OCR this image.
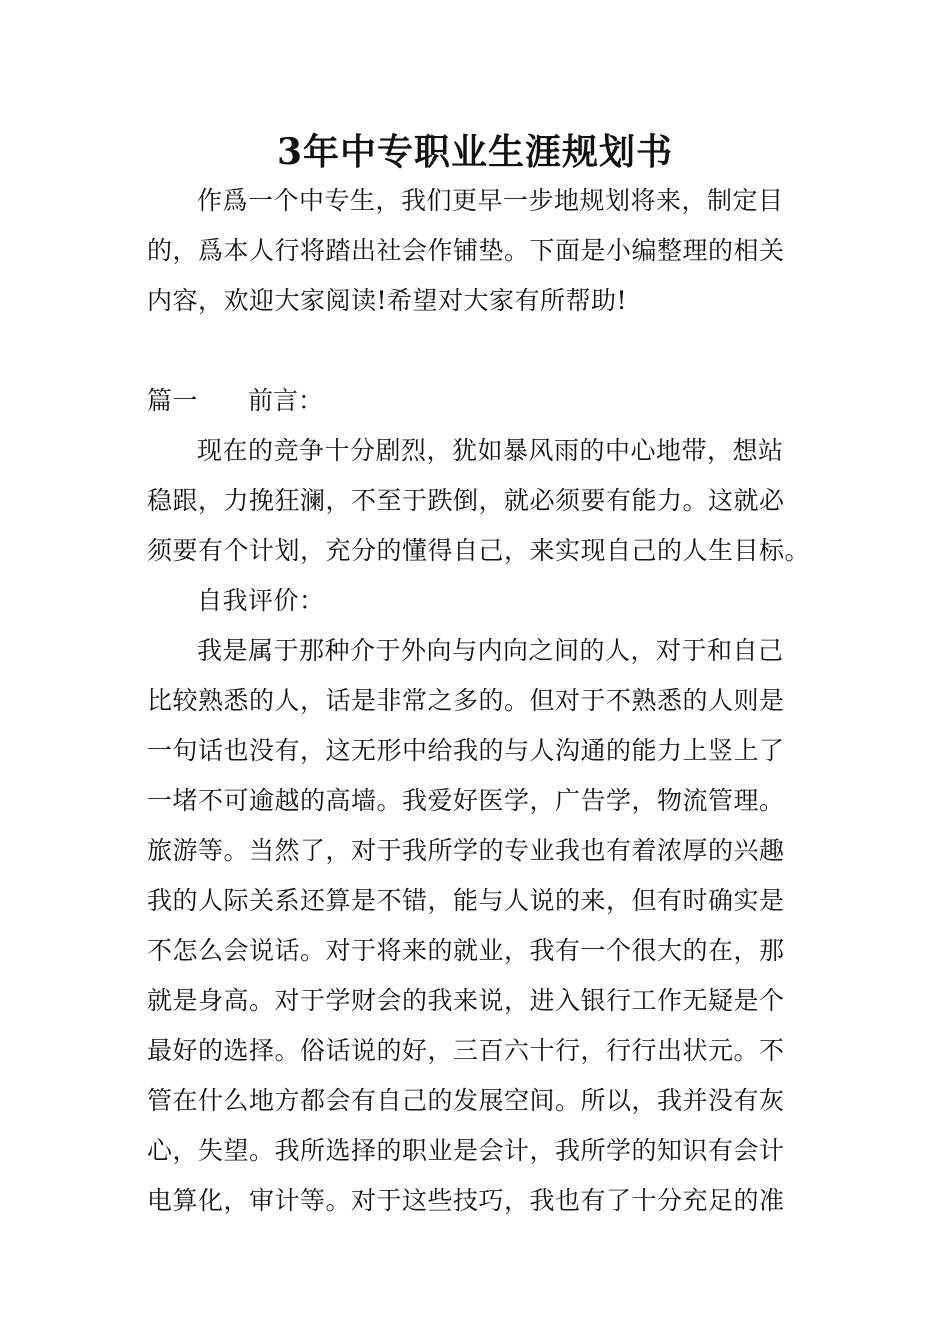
3年中专职业生涯规划书
作爲一个中专生，我们更早一步地规划将来，制定目
的，爲本人行将踏出社会作铺垫。下面是小编整理的相关
内容，欢迎大家阅读!希望对大家有所帮助!
篇一 前言：
现在的竞争十分剧烈，犹如暴风雨的中心地带，想站
稳跟，力挽狂澜，不至于跌倒，就必须要有能力。这就必
须要有个计划，充分的懂得自己，来实现自己的人生目标。
自我评价：
我是属于那种介于外向与内向之间的人，对于和自己
比较熟悉的人，话是非常之多的。但对于不熟悉的人则是
一句话也没有，这无形中给我的与人沟通的能力上竖上了
一堵不可逾越的高墙。我爱好医学，广告学，物流管理。
旅游等。当然了，对于我所学的专业我也有着浓厚的兴趣
我的人际关系还算是不错，能与人说的来，但有时确实是
不怎么会说话。对于将来的就业，我有一个很大的在，那
就是身高。对于学财会的我来说，进入银行工作无疑是个
最好的选择。俗话说的好，三百六十行，行行出状元。不
管在什么地方都会有自己的发展空间。所以，我并没有灰
心，失望。我所选择的职业是会计，我所学的知识有会计
电算化，审计等。对于这些技巧，我也有了十分充足的准
